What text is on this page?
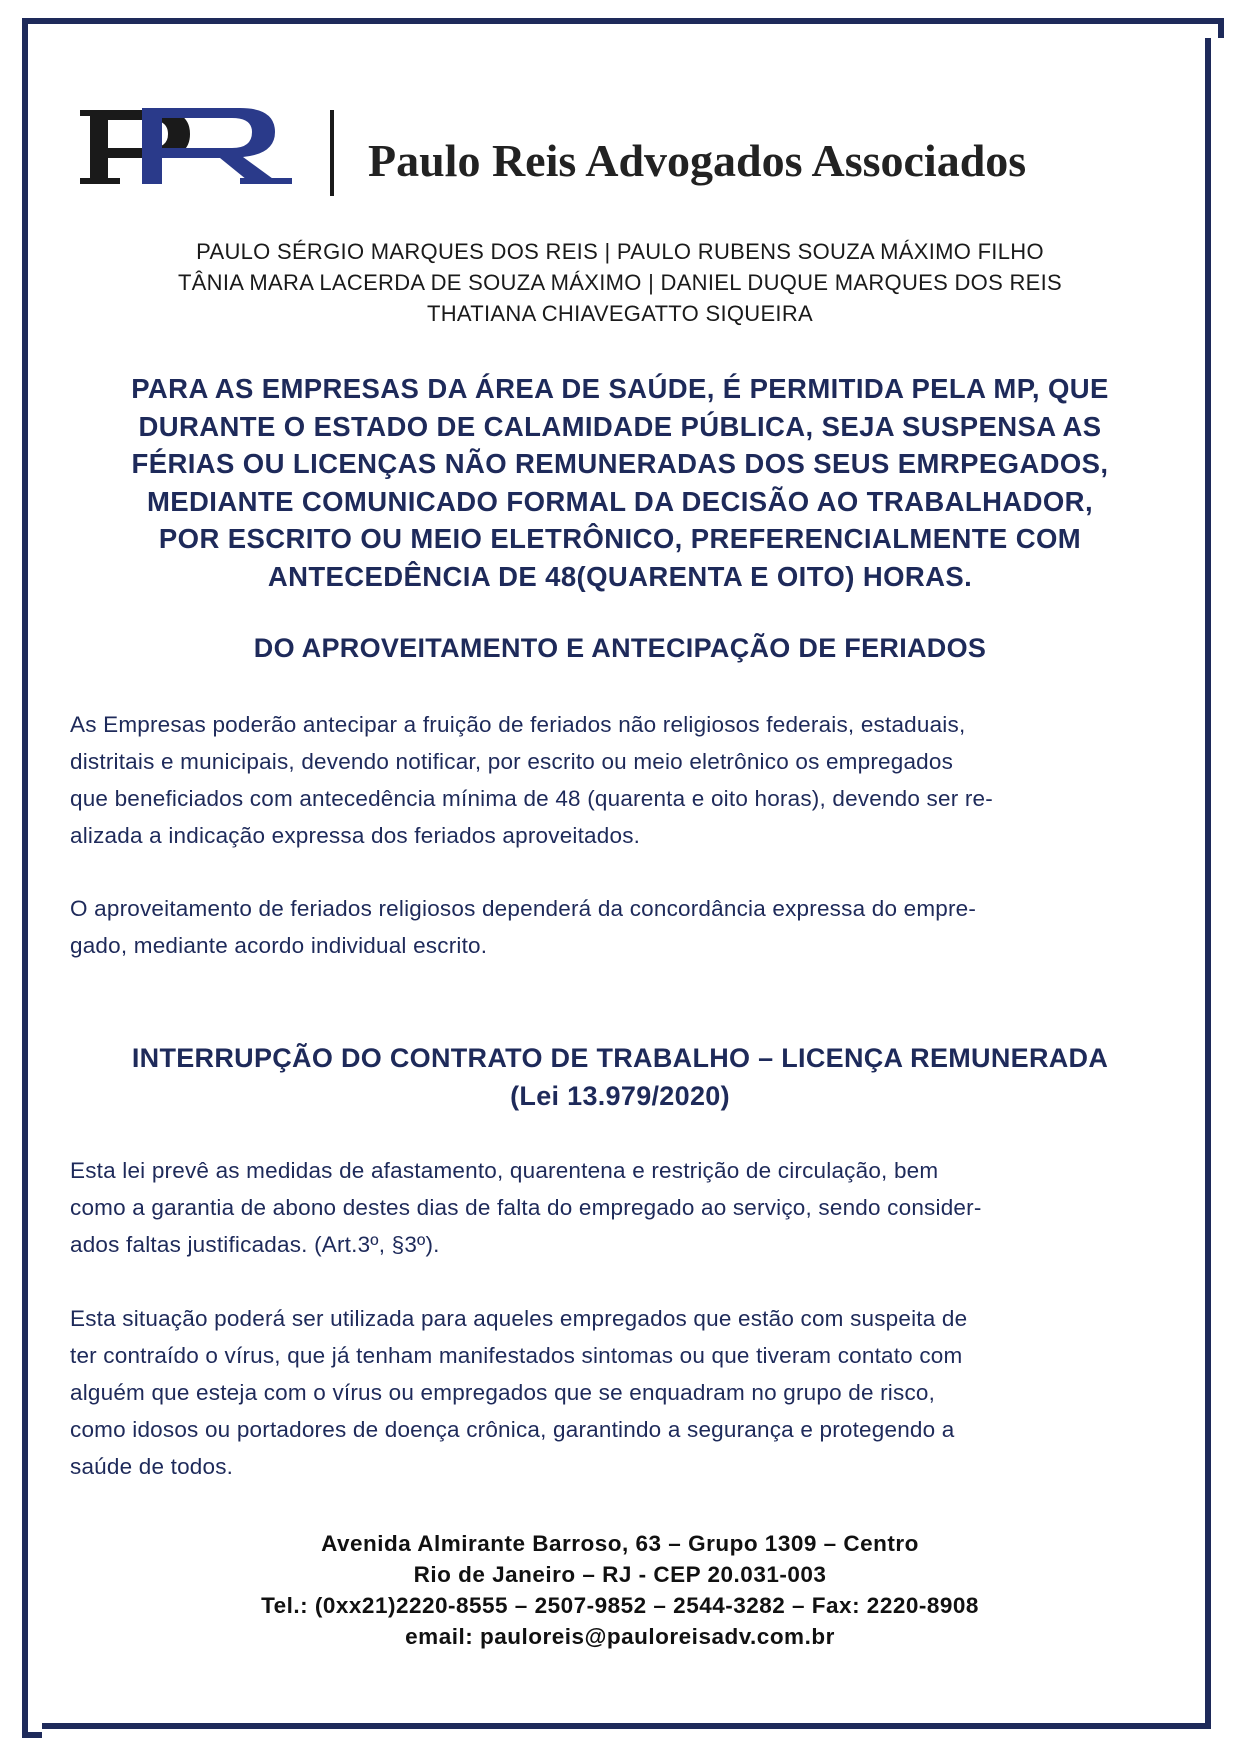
Paulo Reis Advogados Associados
PAULO SÉRGIO MARQUES DOS REIS | PAULO RUBENS SOUZA MÁXIMO FILHO
TÂNIA MARA LACERDA DE SOUZA MÁXIMO | DANIEL DUQUE MARQUES DOS REIS
THATIANA CHIAVEGATTO SIQUEIRA
PARA AS EMPRESAS DA ÁREA DE SAÚDE, É PERMITIDA PELA MP, QUE
DURANTE O ESTADO DE CALAMIDADE PÚBLICA, SEJA SUSPENSA AS
FÉRIAS OU LICENÇAS NÃO REMUNERADAS DOS SEUS EMRPEGADOS,
MEDIANTE COMUNICADO FORMAL DA DECISÃO AO TRABALHADOR,
POR ESCRITO OU MEIO ELETRÔNICO, PREFERENCIALMENTE COM
ANTECEDÊNCIA DE 48(QUARENTA E OITO) HORAS.
DO APROVEITAMENTO E ANTECIPAÇÃO DE FERIADOS
As Empresas poderão antecipar a fruição de feriados não religiosos federais, estaduais,
distritais e municipais, devendo notificar, por escrito ou meio eletrônico os empregados
que beneficiados com antecedência mínima de 48 (quarenta e oito horas), devendo ser re-
alizada a indicação expressa dos feriados aproveitados.
O aproveitamento de feriados religiosos dependerá da concordância expressa do empre-
gado, mediante acordo individual escrito.
INTERRUPÇÃO DO CONTRATO DE TRABALHO – LICENÇA REMUNERADA
(Lei 13.979/2020)
Esta lei prevê as medidas de afastamento, quarentena e restrição de circulação, bem
como a garantia de abono destes dias de falta do empregado ao serviço, sendo consider-
ados faltas justificadas. (Art.3º, §3º).
Esta situação poderá ser utilizada para aqueles empregados que estão com suspeita de
ter contraído o vírus, que já tenham manifestados sintomas ou que tiveram contato com
alguém que esteja com o vírus ou empregados que se enquadram no grupo de risco,
como idosos ou portadores de doença crônica, garantindo a segurança e protegendo a
saúde de todos.
Avenida Almirante Barroso, 63 – Grupo 1309 – Centro
Rio de Janeiro – RJ - CEP 20.031-003
Tel.: (0xx21)2220-8555 – 2507-9852 – 2544-3282 – Fax: 2220-8908
email: pauloreis@pauloreisadv.com.br
